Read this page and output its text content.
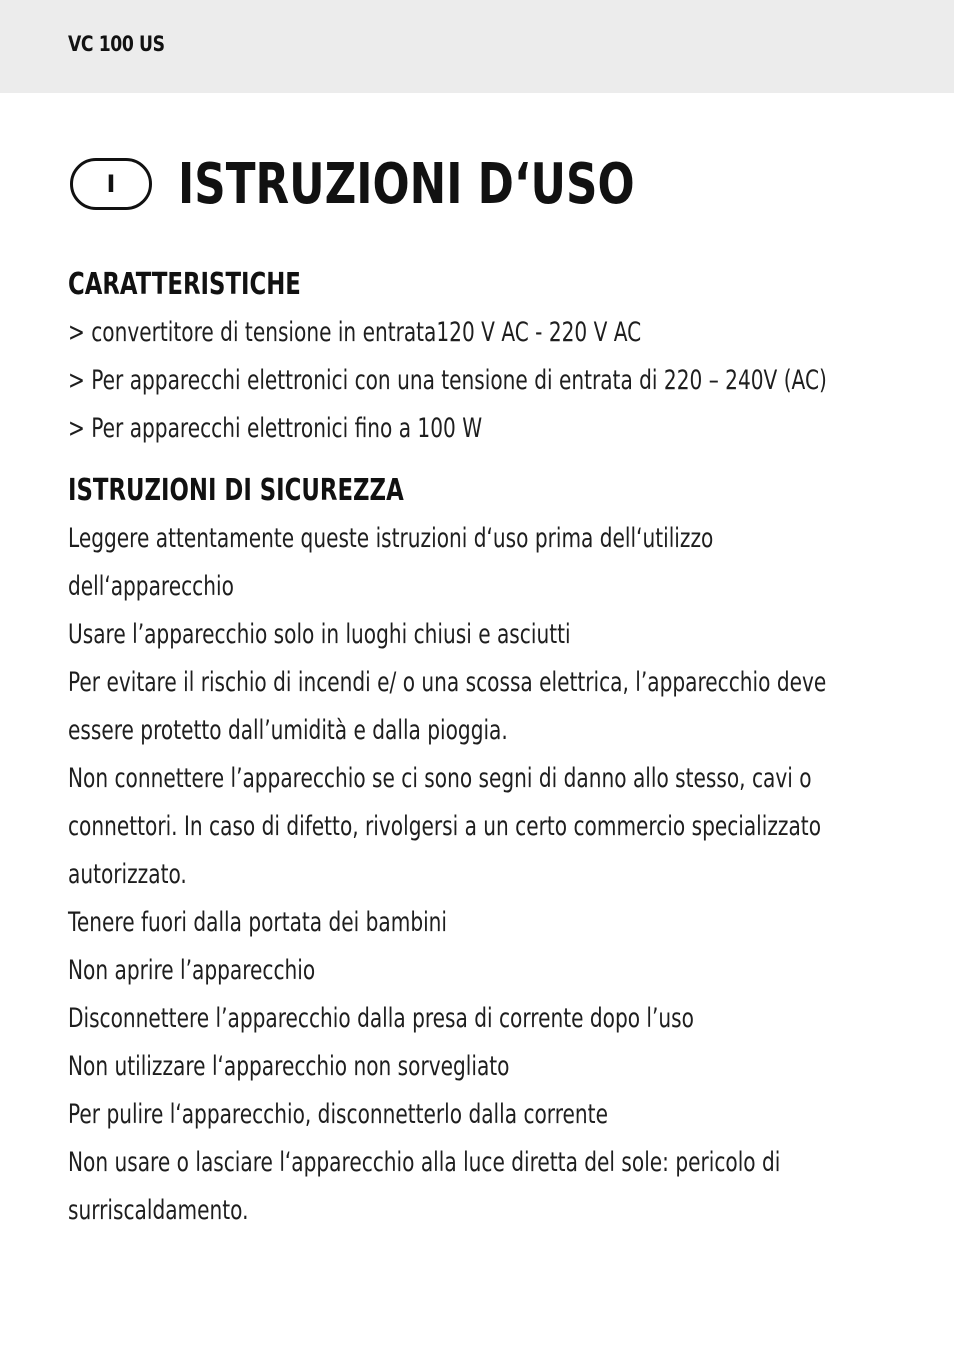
VC 100 US
I	ISTRUZIONI D‘USO
CARATTERISTICHE
> convertitore di tensione in entrata120 V AC - 220 V AC
> Per apparecchi elettronici con una tensione di entrata di 220 – 240V (AC)
> Per apparecchi elettronici fino a 100 W
ISTRUZIONI DI SICUREZZA
Leggere attentamente queste istruzioni d‘uso prima dell‘utilizzo
dell‘apparecchio
Usare l’apparecchio solo in luoghi chiusi e asciutti
Per evitare il rischio di incendi e/ o una scossa elettrica, l’apparecchio deve
essere protetto dall’umidità e dalla pioggia.
Non connettere l’apparecchio se ci sono segni di danno allo stesso, cavi o
connettori. In caso di difetto, rivolgersi a un certo commercio specializzato
autorizzato.
Tenere fuori dalla portata dei bambini
Non aprire l’apparecchio
Disconnettere l’apparecchio dalla presa di corrente dopo l’uso
Non utilizzare l‘apparecchio non sorvegliato
Per pulire l‘apparecchio, disconnetterlo dalla corrente
Non usare o lasciare l‘apparecchio alla luce diretta del sole: pericolo di
surriscaldamento.
